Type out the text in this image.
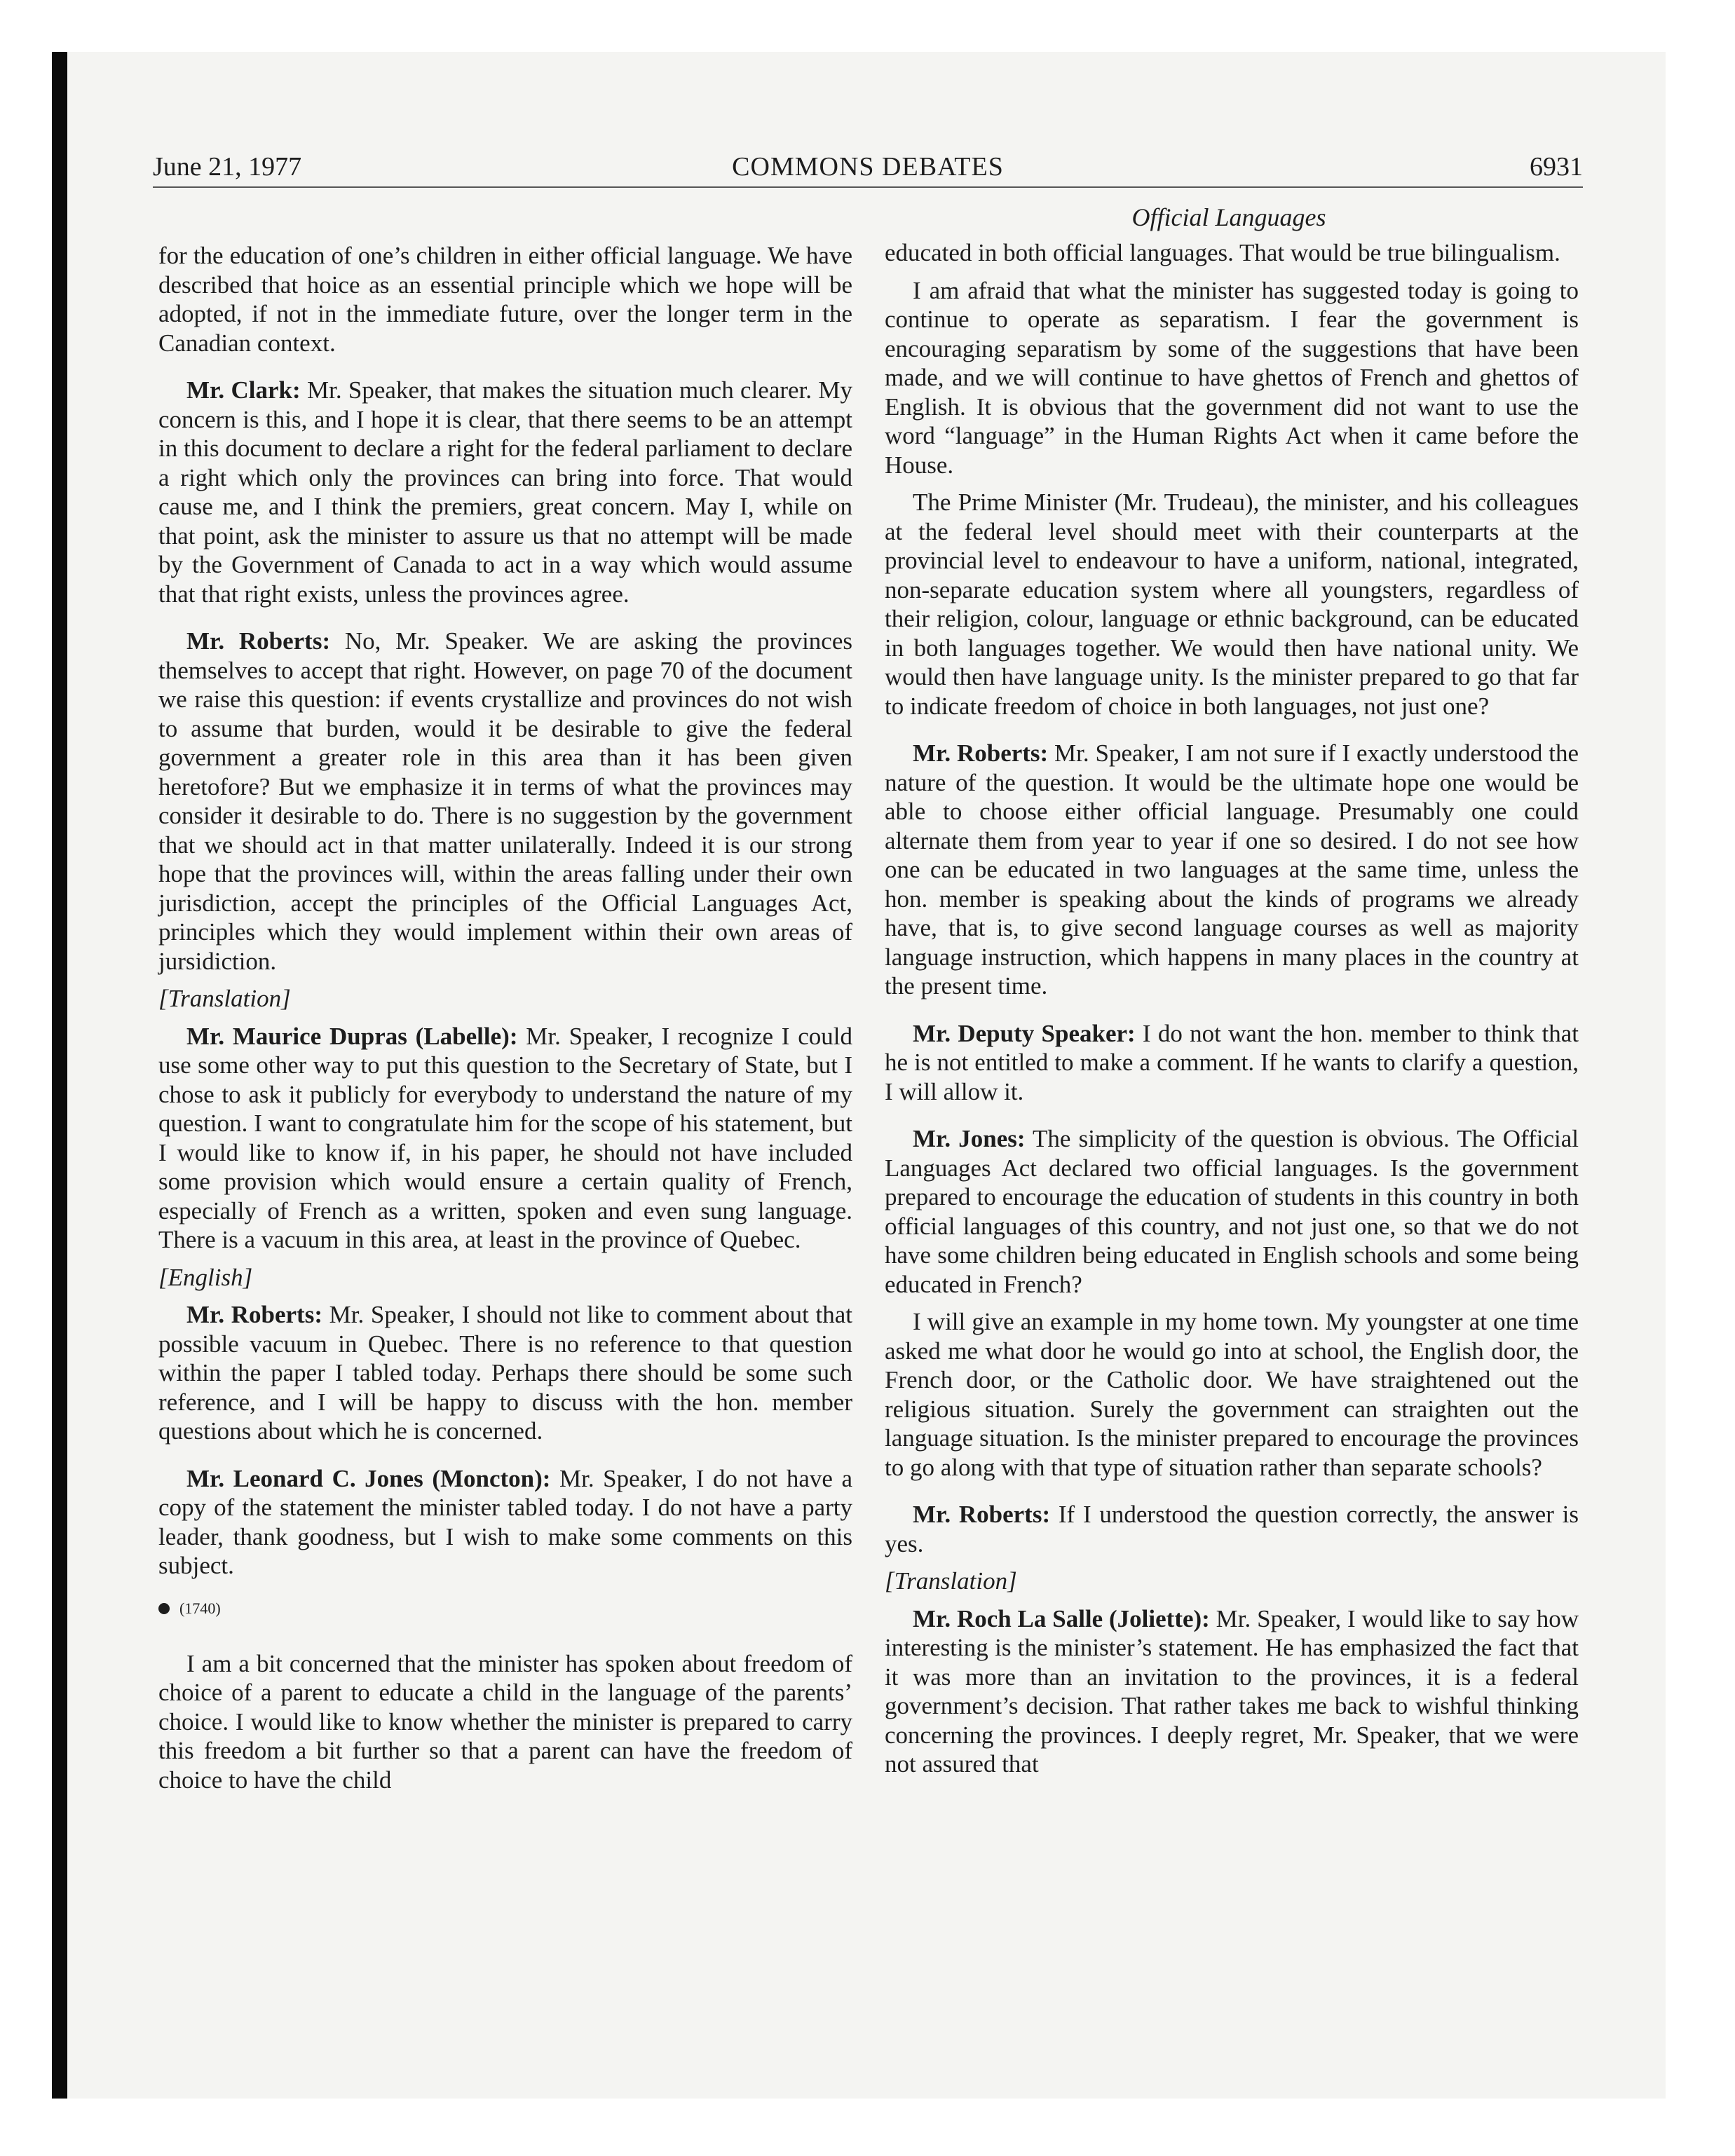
June 21, 1977	COMMONS DEBATES	6931
Official Languages

for the education of one’s children in either official language. We have described that hoice as an essential principle which we hope will be adopted, if not in the immediate future, over the longer term in the Canadian context.

Mr. Clark: Mr. Speaker, that makes the situation much clearer. My concern is this, and I hope it is clear, that there seems to be an attempt in this document to declare a right for the federal parliament to declare a right which only the provinces can bring into force. That would cause me, and I think the premiers, great concern. May I, while on that point, ask the minister to assure us that no attempt will be made by the Government of Canada to act in a way which would assume that that right exists, unless the provinces agree.

Mr. Roberts: No, Mr. Speaker. We are asking the provinces themselves to accept that right. However, on page 70 of the document we raise this question: if events crystallize and provinces do not wish to assume that burden, would it be desirable to give the federal government a greater role in this area than it has been given heretofore? But we emphasize it in terms of what the provinces may consider it desirable to do. There is no suggestion by the government that we should act in that matter unilaterally. Indeed it is our strong hope that the provinces will, within the areas falling under their own jurisdiction, accept the principles of the Official Languages Act, principles which they would implement within their own areas of jursidiction.

[Translation]

Mr. Maurice Dupras (Labelle): Mr. Speaker, I recognize I could use some other way to put this question to the Secretary of State, but I chose to ask it publicly for everybody to understand the nature of my question. I want to congratulate him for the scope of his statement, but I would like to know if, in his paper, he should not have included some provision which would ensure a certain quality of French, especially of French as a written, spoken and even sung language. There is a vacuum in this area, at least in the province of Quebec.

[English]

Mr. Roberts: Mr. Speaker, I should not like to comment about that possible vacuum in Quebec. There is no reference to that question within the paper I tabled today. Perhaps there should be some such reference, and I will be happy to discuss with the hon. member questions about which he is concerned.

Mr. Leonard C. Jones (Moncton): Mr. Speaker, I do not have a copy of the statement the minister tabled today. I do not have a party leader, thank goodness, but I wish to make some comments on this subject.

(1740)

I am a bit concerned that the minister has spoken about freedom of choice of a parent to educate a child in the language of the parents’ choice. I would like to know whether the minister is prepared to carry this freedom a bit further so that a parent can have the freedom of choice to have the child

educated in both official languages. That would be true bilingualism.

I am afraid that what the minister has suggested today is going to continue to operate as separatism. I fear the government is encouraging separatism by some of the suggestions that have been made, and we will continue to have ghettos of French and ghettos of English. It is obvious that the government did not want to use the word “language” in the Human Rights Act when it came before the House.

The Prime Minister (Mr. Trudeau), the minister, and his colleagues at the federal level should meet with their counterparts at the provincial level to endeavour to have a uniform, national, integrated, non-separate education system where all youngsters, regardless of their religion, colour, language or ethnic background, can be educated in both languages together. We would then have national unity. We would then have language unity. Is the minister prepared to go that far to indicate freedom of choice in both languages, not just one?

Mr. Roberts: Mr. Speaker, I am not sure if I exactly understood the nature of the question. It would be the ultimate hope one would be able to choose either official language. Presumably one could alternate them from year to year if one so desired. I do not see how one can be educated in two languages at the same time, unless the hon. member is speaking about the kinds of programs we already have, that is, to give second language courses as well as majority language instruction, which happens in many places in the country at the present time.

Mr. Deputy Speaker: I do not want the hon. member to think that he is not entitled to make a comment. If he wants to clarify a question, I will allow it.

Mr. Jones: The simplicity of the question is obvious. The Official Languages Act declared two official languages. Is the government prepared to encourage the education of students in this country in both official languages of this country, and not just one, so that we do not have some children being educated in English schools and some being educated in French?

I will give an example in my home town. My youngster at one time asked me what door he would go into at school, the English door, the French door, or the Catholic door. We have straightened out the religious situation. Surely the government can straighten out the language situation. Is the minister prepared to encourage the provinces to go along with that type of situation rather than separate schools?

Mr. Roberts: If I understood the question correctly, the answer is yes.

[Translation]

Mr. Roch La Salle (Joliette): Mr. Speaker, I would like to say how interesting is the minister’s statement. He has emphasized the fact that it was more than an invitation to the provinces, it is a federal government’s decision. That rather takes me back to wishful thinking concerning the provinces. I deeply regret, Mr. Speaker, that we were not assured that
